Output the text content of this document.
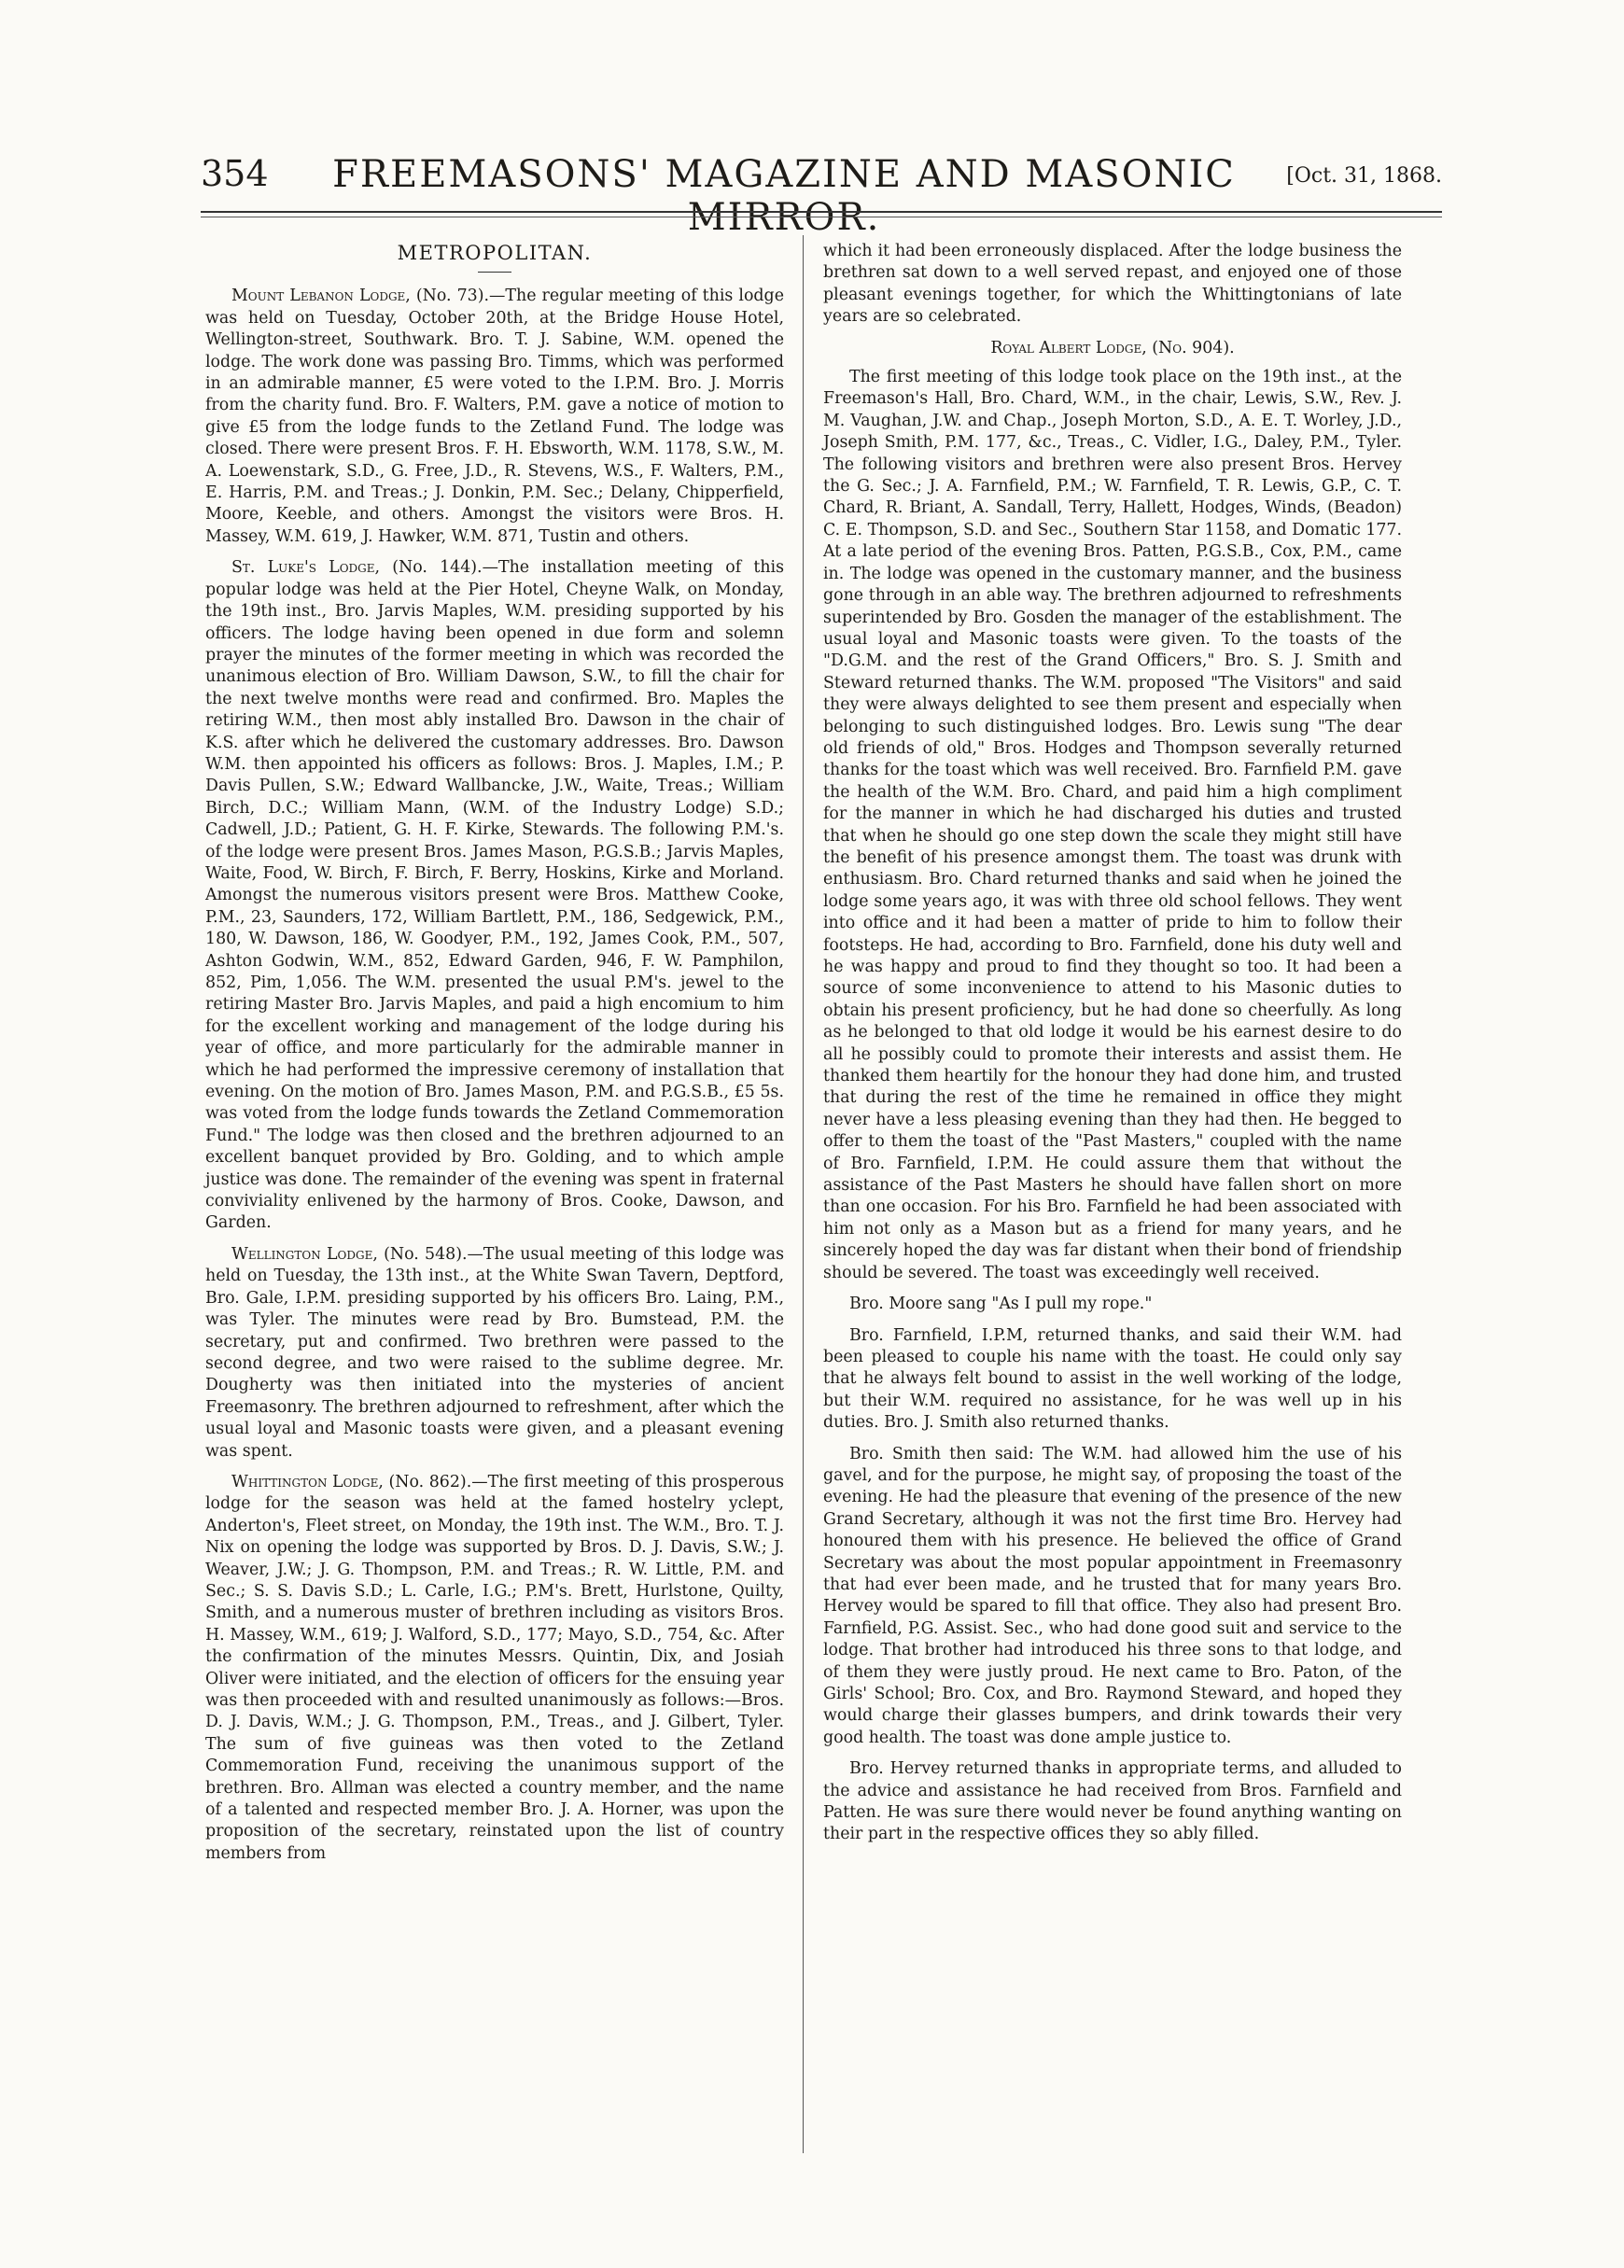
354	FREEMASONS' MAGAZINE AND MASONIC MIRROR.
[Oct. 31, 1868.
METROPOLITAN.

Mount Lebanon Lodge, (No. 73).—The regular meeting of this lodge was held on Tuesday, October 20th, at the Bridge House Hotel, Wellington-street, Southwark. Bro. T. J. Sabine, W.M. opened the lodge. The work done was passing Bro. Timms, which was performed in an admirable manner, £5 were voted to the I.P.M. Bro. J. Morris from the charity fund. Bro. F. Walters, P.M. gave a notice of motion to give £5 from the lodge funds to the Zetland Fund. The lodge was closed. There were present Bros. F. H. Ebsworth, W.M. 1178, S.W., M. A. Loewenstark, S.D., G. Free, J.D., R. Stevens, W.S., F. Walters, P.M., E. Harris, P.M. and Treas.; J. Donkin, P.M. Sec.; Delany, Chipperfield, Moore, Keeble, and others. Amongst the visitors were Bros. H. Massey, W.M. 619, J. Hawker, W.M. 871, Tustin and others.

St. Luke's Lodge, (No. 144).—The installation meeting of this popular lodge was held at the Pier Hotel, Cheyne Walk, on Monday, the 19th inst., Bro. Jarvis Maples, W.M. presiding supported by his officers. The lodge having been opened in due form and solemn prayer the minutes of the former meeting in which was recorded the unanimous election of Bro. William Dawson, S.W., to fill the chair for the next twelve months were read and confirmed. Bro. Maples the retiring W.M., then most ably installed Bro. Dawson in the chair of K.S. after which he delivered the customary addresses. Bro. Dawson W.M. then appointed his officers as follows: Bros. J. Maples, I.M.; P. Davis Pullen, S.W.; Edward Wallbancke, J.W., Waite, Treas.; William Birch, D.C.; William Mann, (W.M. of the Industry Lodge) S.D.; Cadwell, J.D.; Patient, G. H. F. Kirke, Stewards. The following P.M.'s. of the lodge were present Bros. James Mason, P.G.S.B.; Jarvis Maples, Waite, Food, W. Birch, F. Birch, F. Berry, Hoskins, Kirke and Morland. Amongst the numerous visitors present were Bros. Matthew Cooke, P.M., 23, Saunders, 172, William Bartlett, P.M., 186, Sedgewick, P.M., 180, W. Dawson, 186, W. Goodyer, P.M., 192, James Cook, P.M., 507, Ashton Godwin, W.M., 852, Edward Garden, 946, F. W. Pamphilon, 852, Pim, 1,056. The W.M. presented the usual P.M's. jewel to the retiring Master Bro. Jarvis Maples, and paid a high encomium to him for the excellent working and management of the lodge during his year of office, and more particularly for the admirable manner in which he had performed the impressive ceremony of installation that evening. On the motion of Bro. James Mason, P.M. and P.G.S.B., £5 5s. was voted from the lodge funds towards the Zetland Commemoration Fund." The lodge was then closed and the brethren adjourned to an excellent banquet provided by Bro. Golding, and to which ample justice was done. The remainder of the evening was spent in fraternal conviviality enlivened by the harmony of Bros. Cooke, Dawson, and Garden.

Wellington Lodge, (No. 548).—The usual meeting of this lodge was held on Tuesday, the 13th inst., at the White Swan Tavern, Deptford, Bro. Gale, I.P.M. presiding supported by his officers Bro. Laing, P.M., was Tyler. The minutes were read by Bro. Bumstead, P.M. the secretary, put and confirmed. Two brethren were passed to the second degree, and two were raised to the sublime degree. Mr. Dougherty was then initiated into the mysteries of ancient Freemasonry. The brethren adjourned to refreshment, after which the usual loyal and Masonic toasts were given, and a pleasant evening was spent.

Whittington Lodge, (No. 862).—The first meeting of this prosperous lodge for the season was held at the famed hostelry yclept, Anderton's, Fleet street, on Monday, the 19th inst. The W.M., Bro. T. J. Nix on opening the lodge was supported by Bros. D. J. Davis, S.W.; J. Weaver, J.W.; J. G. Thompson, P.M. and Treas.; R. W. Little, P.M. and Sec.; S. S. Davis S.D.; L. Carle, I.G.; P.M's. Brett, Hurlstone, Quilty, Smith, and a numerous muster of brethren including as visitors Bros. H. Massey, W.M., 619; J. Walford, S.D., 177; Mayo, S.D., 754, &c. After the confirmation of the minutes Messrs. Quintin, Dix, and Josiah Oliver were initiated, and the election of officers for the ensuing year was then proceeded with and resulted unanimously as follows:—Bros. D. J. Davis, W.M.; J. G. Thompson, P.M., Treas., and J. Gilbert, Tyler. The sum of five guineas was then voted to the Zetland Commemoration Fund, receiving the unanimous support of the brethren. Bro. Allman was elected a country member, and the name of a talented and respected member Bro. J. A. Horner, was upon the proposition of the secretary, reinstated upon the list of country members from

which it had been erroneously displaced. After the lodge business the brethren sat down to a well served repast, and enjoyed one of those pleasant evenings together, for which the Whittingtonians of late years are so celebrated.

Royal Albert Lodge, (No. 904).

The first meeting of this lodge took place on the 19th inst., at the Freemason's Hall, Bro. Chard, W.M., in the chair, Lewis, S.W., Rev. J. M. Vaughan, J.W. and Chap., Joseph Morton, S.D., A. E. T. Worley, J.D., Joseph Smith, P.M. 177, &c., Treas., C. Vidler, I.G., Daley, P.M., Tyler. The following visitors and brethren were also present Bros. Hervey the G. Sec.; J. A. Farnfield, P.M.; W. Farnfield, T. R. Lewis, G.P., C. T. Chard, R. Briant, A. Sandall, Terry, Hallett, Hodges, Winds, (Beadon) C. E. Thompson, S.D. and Sec., Southern Star 1158, and Domatic 177. At a late period of the evening Bros. Patten, P.G.S.B., Cox, P.M., came in. The lodge was opened in the customary manner, and the business gone through in an able way. The brethren adjourned to refreshments superintended by Bro. Gosden the manager of the establishment. The usual loyal and Masonic toasts were given. To the toasts of the "D.G.M. and the rest of the Grand Officers," Bro. S. J. Smith and Steward returned thanks. The W.M. proposed "The Visitors" and said they were always delighted to see them present and especially when belonging to such distinguished lodges. Bro. Lewis sung "The dear old friends of old," Bros. Hodges and Thompson severally returned thanks for the toast which was well received. Bro. Farnfield P.M. gave the health of the W.M. Bro. Chard, and paid him a high compliment for the manner in which he had discharged his duties and trusted that when he should go one step down the scale they might still have the benefit of his presence amongst them. The toast was drunk with enthusiasm. Bro. Chard returned thanks and said when he joined the lodge some years ago, it was with three old school fellows. They went into office and it had been a matter of pride to him to follow their footsteps. He had, according to Bro. Farnfield, done his duty well and he was happy and proud to find they thought so too. It had been a source of some inconvenience to attend to his Masonic duties to obtain his present proficiency, but he had done so cheerfully. As long as he belonged to that old lodge it would be his earnest desire to do all he possibly could to promote their interests and assist them. He thanked them heartily for the honour they had done him, and trusted that during the rest of the time he remained in office they might never have a less pleasing evening than they had then. He begged to offer to them the toast of the "Past Masters," coupled with the name of Bro. Farnfield, I.P.M. He could assure them that without the assistance of the Past Masters he should have fallen short on more than one occasion. For his Bro. Farnfield he had been associated with him not only as a Mason but as a friend for many years, and he sincerely hoped the day was far distant when their bond of friendship should be severed. The toast was exceedingly well received.

Bro. Moore sang "As I pull my rope."

Bro. Farnfield, I.P.M, returned thanks, and said their W.M. had been pleased to couple his name with the toast. He could only say that he always felt bound to assist in the well working of the lodge, but their W.M. required no assistance, for he was well up in his duties. Bro. J. Smith also returned thanks.

Bro. Smith then said: The W.M. had allowed him the use of his gavel, and for the purpose, he might say, of proposing the toast of the evening. He had the pleasure that evening of the presence of the new Grand Secretary, although it was not the first time Bro. Hervey had honoured them with his presence. He believed the office of Grand Secretary was about the most popular appointment in Freemasonry that had ever been made, and he trusted that for many years Bro. Hervey would be spared to fill that office. They also had present Bro. Farnfield, P.G. Assist. Sec., who had done good suit and service to the lodge. That brother had introduced his three sons to that lodge, and of them they were justly proud. He next came to Bro. Paton, of the Girls' School; Bro. Cox, and Bro. Raymond Steward, and hoped they would charge their glasses bumpers, and drink towards their very good health. The toast was done ample justice to.

Bro. Hervey returned thanks in appropriate terms, and alluded to the advice and assistance he had received from Bros. Farnfield and Patten. He was sure there would never be found anything wanting on their part in the respective offices they so ably filled.
